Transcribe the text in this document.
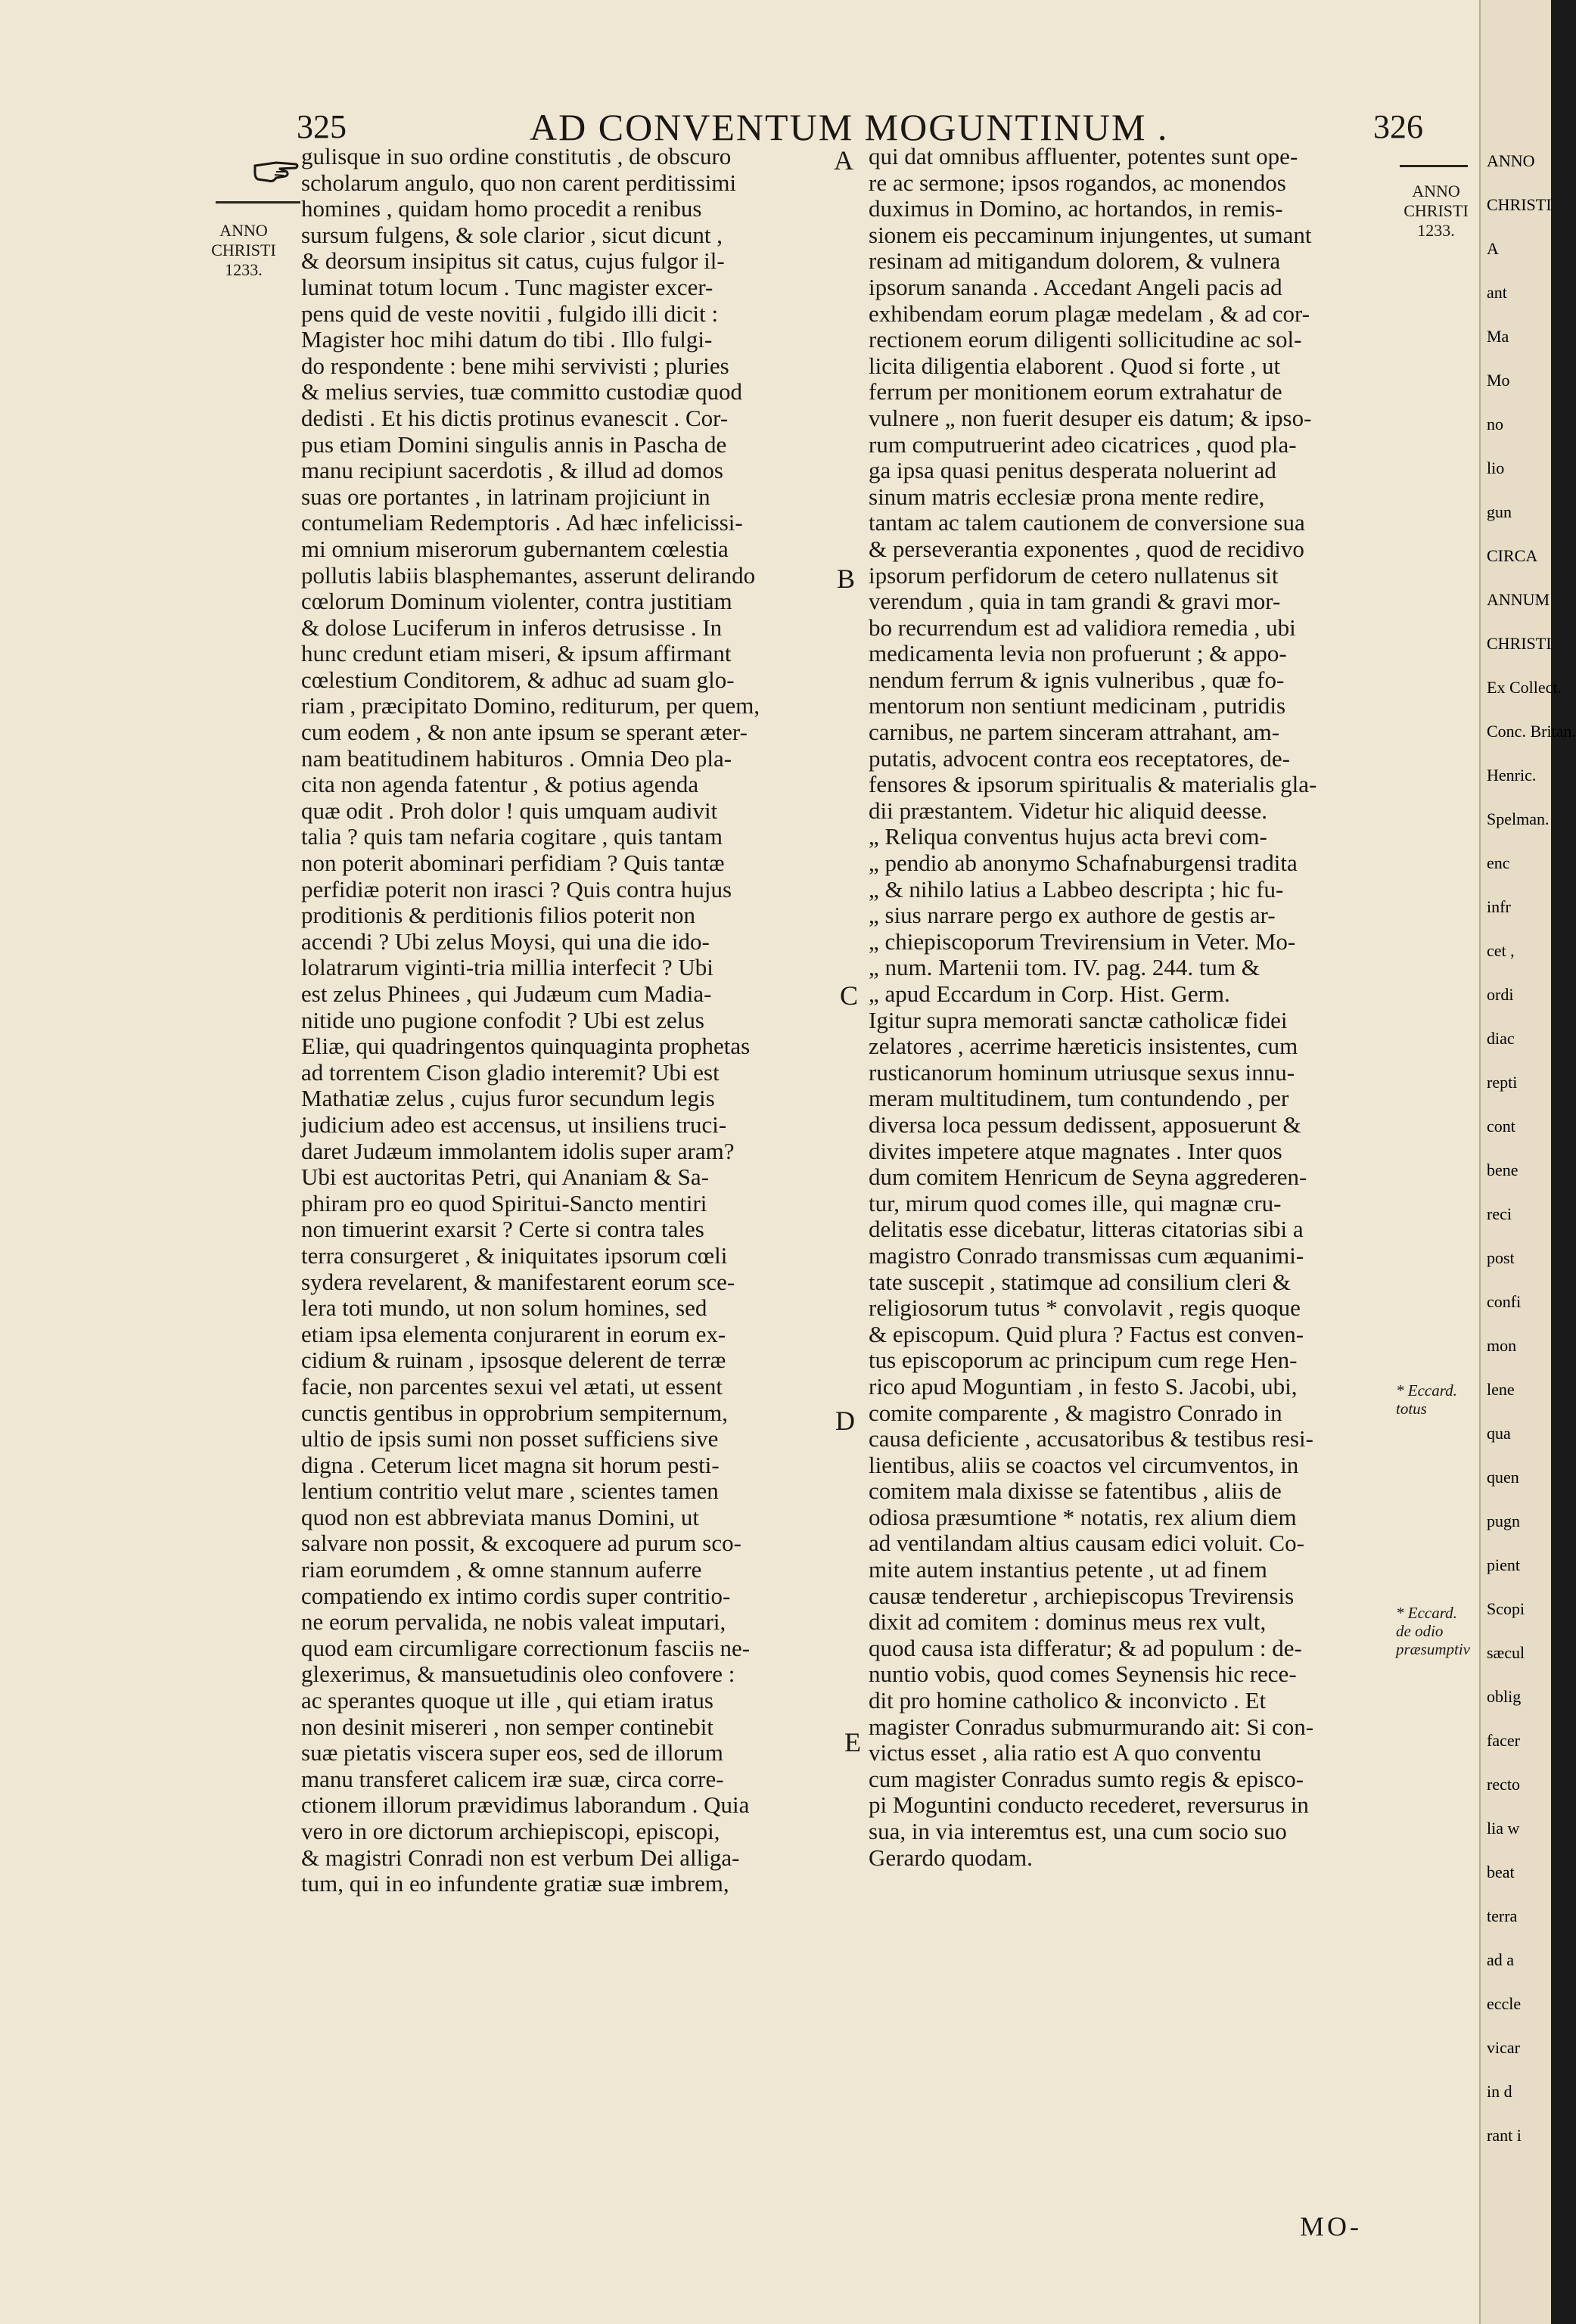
325	AD CONVENTUM MOGUNTINUM .	326
ANNO
CHRISTI
1233.
ANNO
CHRISTI
1233.
A
B
C
D
E
* Eccard. totus
* Eccard. de odio præsumptiv
gulisque in suo ordine constitutis , de obscuro
scholarum angulo, quo non carent perditissimi
homines , quidam homo procedit a renibus
sursum fulgens, & sole clarior , sicut dicunt ,
& deorsum insipitus sit catus, cujus fulgor il-
luminat totum locum . Tunc magister excer-
pens quid de veste novitii , fulgido illi dicit :
Magister hoc mihi datum do tibi . Illo fulgi-
do respondente : bene mihi servivisti ; pluries
& melius servies, tuæ committo custodiæ quod
dedisti . Et his dictis protinus evanescit . Cor-
pus etiam Domini singulis annis in Pascha de
manu recipiunt sacerdotis , & illud ad domos
suas ore portantes , in latrinam projiciunt in
contumeliam Redemptoris . Ad hæc infelicissi-
mi omnium miserorum gubernantem cœlestia
pollutis labiis blasphemantes, asserunt delirando
cœlorum Dominum violenter, contra justitiam
& dolose Luciferum in inferos detrusisse . In
hunc credunt etiam miseri, & ipsum affirmant
cœlestium Conditorem, & adhuc ad suam glo-
riam , præcipitato Domino, rediturum, per quem,
cum eodem , & non ante ipsum se sperant æter-
nam beatitudinem habituros . Omnia Deo pla-
cita non agenda fatentur , & potius agenda
quæ odit . Proh dolor ! quis umquam audivit
talia ? quis tam nefaria cogitare , quis tantam
non poterit abominari perfidiam ? Quis tantæ
perfidiæ poterit non irasci ? Quis contra hujus
proditionis & perditionis filios poterit non
accendi ? Ubi zelus Moysi, qui una die ido-
lolatrarum viginti-tria millia interfecit ? Ubi
est zelus Phinees , qui Judæum cum Madia-
nitide uno pugione confodit ? Ubi est zelus
Eliæ, qui quadringentos quinquaginta prophetas
ad torrentem Cison gladio interemit? Ubi est
Mathatiæ zelus , cujus furor secundum legis
judicium adeo est accensus, ut insiliens truci-
daret Judæum immolantem idolis super aram?
Ubi est auctoritas Petri, qui Ananiam & Sa-
phiram pro eo quod Spiritui-Sancto mentiri
non timuerint exarsit ? Certe si contra tales
terra consurgeret , & iniquitates ipsorum cœli
sydera revelarent, & manifestarent eorum sce-
lera toti mundo, ut non solum homines, sed
etiam ipsa elementa conjurarent in eorum ex-
cidium & ruinam , ipsosque delerent de terræ
facie, non parcentes sexui vel ætati, ut essent
cunctis gentibus in opprobrium sempiternum,
ultio de ipsis sumi non posset sufficiens sive
digna . Ceterum licet magna sit horum pesti-
lentium contritio velut mare , scientes tamen
quod non est abbreviata manus Domini, ut
salvare non possit, & excoquere ad purum sco-
riam eorumdem , & omne stannum auferre
compatiendo ex intimo cordis super contritio-
ne eorum pervalida, ne nobis valeat imputari,
quod eam circumligare correctionum fasciis ne-
glexerimus, & mansuetudinis oleo confovere :
ac sperantes quoque ut ille , qui etiam iratus
non desinit misereri , non semper continebit
suæ pietatis viscera super eos, sed de illorum
manu transferet calicem iræ suæ, circa corre-
ctionem illorum prævidimus laborandum . Quia
vero in ore dictorum archiepiscopi, episcopi,
& magistri Conradi non est verbum Dei alliga-
tum, qui in eo infundente gratiæ suæ imbrem,
qui dat omnibus affluenter, potentes sunt ope-
re ac sermone; ipsos rogandos, ac monendos
duximus in Domino, ac hortandos, in remis-
sionem eis peccaminum injungentes, ut sumant
resinam ad mitigandum dolorem, & vulnera
ipsorum sananda . Accedant Angeli pacis ad
exhibendam eorum plagæ medelam , & ad cor-
rectionem eorum diligenti sollicitudine ac sol-
licita diligentia elaborent . Quod si forte , ut
ferrum per monitionem eorum extrahatur de
vulnere „ non fuerit desuper eis datum; & ipso-
rum computruerint adeo cicatrices , quod pla-
ga ipsa quasi penitus desperata noluerint ad
sinum matris ecclesiæ prona mente redire,
tantam ac talem cautionem de conversione sua
& perseverantia exponentes , quod de recidivo
ipsorum perfidorum de cetero nullatenus sit
verendum , quia in tam grandi & gravi mor-
bo recurrendum est ad validiora remedia , ubi
medicamenta levia non profuerunt ; & appo-
nendum ferrum & ignis vulneribus , quæ fo-
mentorum non sentiunt medicinam , putridis
carnibus, ne partem sinceram attrahant, am-
putatis, advocent contra eos receptatores, de-
fensores & ipsorum spiritualis & materialis gla-
dii præstantem. Videtur hic aliquid deesse.
„ Reliqua conventus hujus acta brevi com-
„ pendio ab anonymo Schafnaburgensi tradita
„ & nihilo latius a Labbeo descripta ; hic fu-
„ sius narrare pergo ex authore de gestis ar-
„ chiepiscoporum Trevirensium in Veter. Mo-
„ num. Martenii tom. IV. pag. 244. tum &
„ apud Eccardum in Corp. Hist. Germ.
Igitur supra memorati sanctæ catholicæ fidei
zelatores , acerrime hæreticis insistentes, cum
rusticanorum hominum utriusque sexus innu-
meram multitudinem, tum contundendo , per
diversa loca pessum dedissent, apposuerunt &
divites impetere atque magnates . Inter quos
dum comitem Henricum de Seyna aggrederen-
tur, mirum quod comes ille, qui magnæ cru-
delitatis esse dicebatur, litteras citatorias sibi a
magistro Conrado transmissas cum æquanimi-
tate suscepit , statimque ad consilium cleri &
religiosorum tutus * convolavit , regis quoque
& episcopum. Quid plura ? Factus est conven-
tus episcoporum ac principum cum rege Hen-
rico apud Moguntiam , in festo S. Jacobi, ubi,
comite comparente , & magistro Conrado in
causa deficiente , accusatoribus & testibus resi-
lientibus, aliis se coactos vel circumventos, in
comitem mala dixisse se fatentibus , aliis de
odiosa præsumtione * notatis, rex alium diem
ad ventilandam altius causam edici voluit. Co-
mite autem instantius petente , ut ad finem
causæ tenderetur , archiepiscopus Trevirensis
dixit ad comitem : dominus meus rex vult,
quod causa ista differatur; & ad populum : de-
nuntio vobis, quod comes Seynensis hic rece-
dit pro homine catholico & inconvicto . Et
magister Conradus submurmurando ait: Si con-
victus esset , alia ratio est A quo conventu
cum magister Conradus sumto regis & episco-
pi Moguntini conducto recederet, reversurus in
sua, in via interemtus est, una cum socio suo
Gerardo quodam.
MO-
ANNO
CHRISTI
A
ant
Ma
Mo
no
lio
gun
CIRCA
ANNUM
CHRISTI
Ex Collect.
Conc. Britan.
Henric.
Spelman.
enc
infr
cet ,
ordi
diac
repti
cont
bene
reci
post
confi
mon
lene
qua
quen
pugn
pient
Scopi
sæcul
oblig
facer
recto
lia w
beat
terra
ad a
eccle
vicar
in d
rant i
